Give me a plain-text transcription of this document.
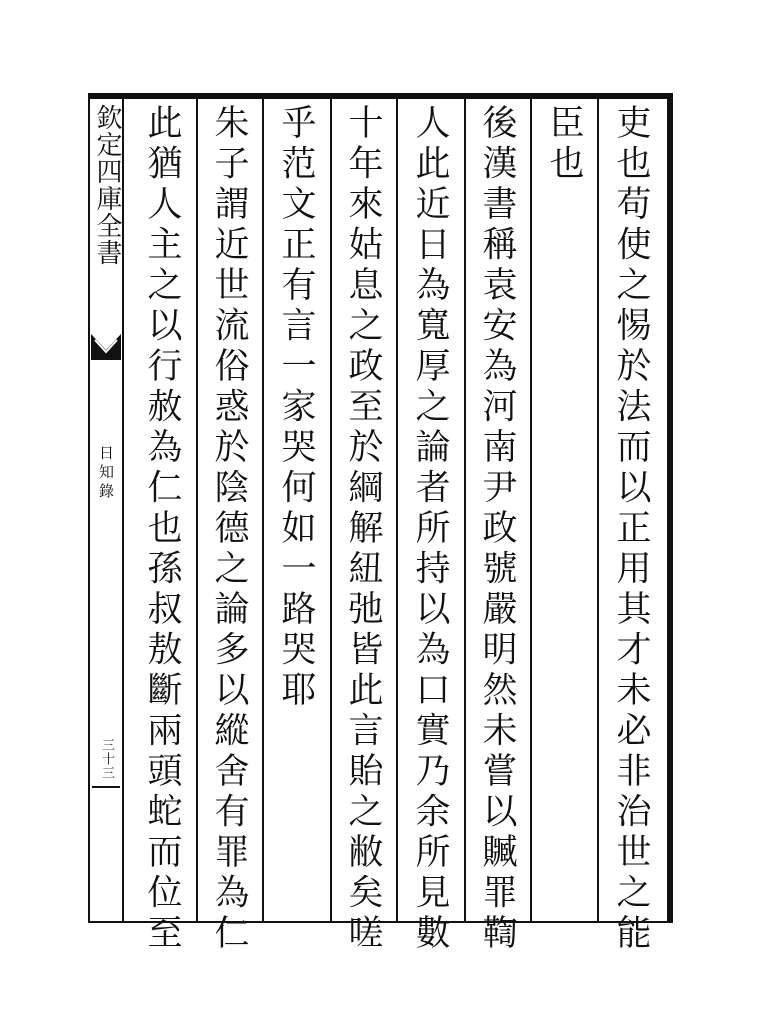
欽定四庫全書
日知錄
三十三	吏也苟使之惕於法而以正用其才未必非治世之能
臣也
後漢書稱袁安為河南尹政號嚴明然未嘗以贓罪鞫
人此近日為寬厚之論者所持以為口實乃余所見數
十年來姑息之政至於綱解紐弛皆此言貽之敝矣嗟
乎范文正有言一家哭何如一路哭耶
朱子謂近世流俗惑於陰德之論多以縱舍有罪為仁
此猶人主之以行赦為仁也孫叔敖斷兩頭蛇而位至
